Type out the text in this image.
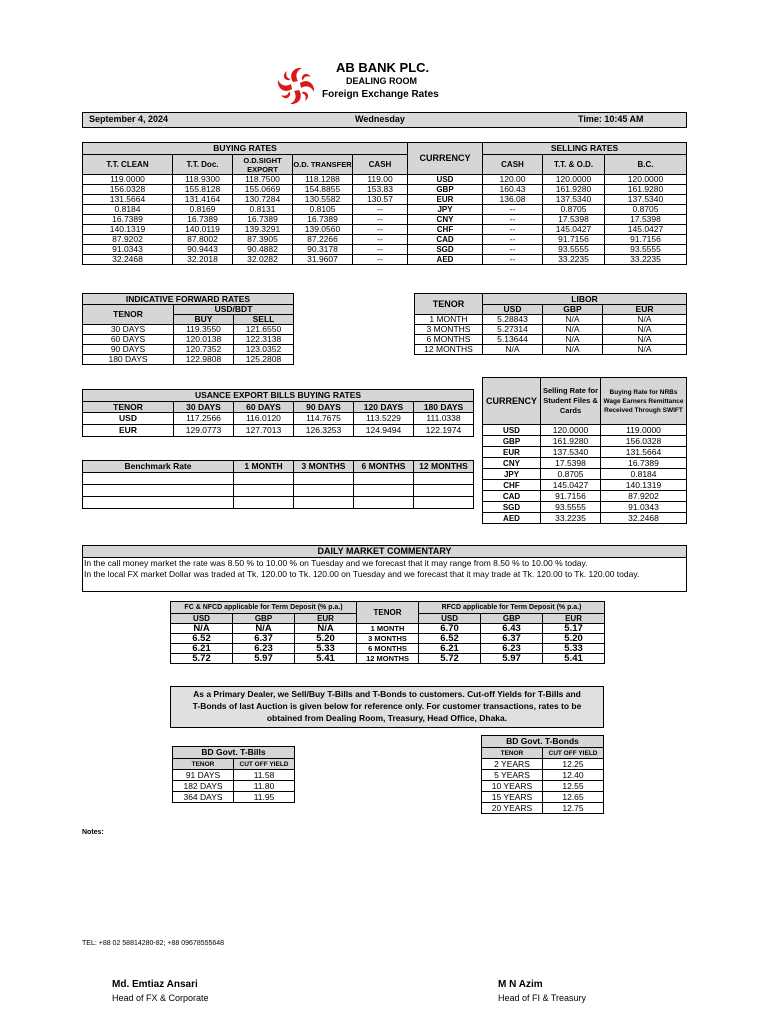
AB BANK PLC.
DEALING ROOM
Foreign Exchange Rates
September 4, 2024	Wednesday	Time: 10:45 AM
BUYING RATES					CURRENCY	SELLING RATES		
T.T. CLEAN	T.T. Doc.	O.D.SIGHT EXPORT	O.D. TRANSFER	CASH		CASH	T.T. & O.D.	B.C.

119.0000	118.9300	118.7500	118.1288	119.00	USD	120.00	120.0000	120.0000
156.0328	155.8128	155.0669	154.8855	153.83	GBP	160.43	161.9280	161.9280
131.5664	131.4164	130.7284	130.5582	130.57	EUR	136.08	137.5340	137.5340
0.8184	0.8169	0.8131	0.8105	--	JPY	--	0.8705	0.8705
16.7389	16.7389	16.7389	16.7389	--	CNY	--	17.5398	17.5398
140.1319	140.0119	139.3291	139.0560	--	CHF	--	145.0427	145.0427
87.9202	87.8002	87.3905	87.2266	--	CAD	--	91.7156	91.7156
91.0343	90.9443	90.4882	90.3178	--	SGD	--	93.5555	93.5555
32.2468	32.2018	32.0282	31.9607	--	AED	--	33.2235	33.2235
INDICATIVE FORWARD RATES		
TENOR	USD/BDT	
	BUY	SELL
30 DAYS	119.3550	121.6550
60 DAYS	120.0138	122.3138
90 DAYS	120.7352	123.0352
180 DAYS	122.9808	125.2808
TENOR	LIBOR		
	USD	GBP	EUR
1 MONTH	5.28843	N/A	N/A
3 MONTHS	5.27314	N/A	N/A
6 MONTHS	5.13644	N/A	N/A
12 MONTHS	N/A	N/A	N/A
USANCE EXPORT BILLS BUYING RATES					
TENOR	30 DAYS	60 DAYS	90 DAYS	120 DAYS	180 DAYS
USD	117.2566	116.0120	114.7675	113.5229	111.0338
EUR	129.0773	127.7013	126.3253	124.9494	122.1974
Benchmark Rate	1 MONTH	3 MONTHS	6 MONTHS	12 MONTHS

CURRENCY	Selling Rate for Student Files & Cards	Buying Rate for NRBs Wage Earners Remittance Received Through SWIFT
USD	120.0000	119.0000
GBP	161.9280	156.0328
EUR	137.5340	131.5664
CNY	17.5398	16.7389
JPY	0.8705	0.8184
CHF	145.0427	140.1319
CAD	91.7156	87.9202
SGD	93.5555	91.0343
AED	33.2235	32.2468
DAILY MARKET COMMENTARY
In the call money market the rate was 8.50 % to 10.00 % on Tuesday and we forecast that it may range from 8.50 % to 10.00 % today.
In the local FX market Dollar was traded at Tk. 120.00 to Tk. 120.00 on Tuesday and we forecast that it may trade at Tk. 120.00 to Tk. 120.00 today.
FC & NFCD applicable for Term Deposit (% p.a.)			TENOR	RFCD applicable for Term Deposit (% p.a.)		
USD	GBP	EUR		USD	GBP	EUR
N/A	N/A	N/A	1 MONTH	6.70	6.43	5.17
6.52	6.37	5.20	3 MONTHS	6.52	6.37	5.20
6.21	6.23	5.33	6 MONTHS	6.21	6.23	5.33
5.72	5.97	5.41	12 MONTHS	5.72	5.97	5.41
As a Primary Dealer, we Sell/Buy T-Bills and T-Bonds to customers. Cut-off Yields for T-Bills and
T-Bonds of last Auction is given below for reference only. For customer transactions, rates to be
obtained from Dealing Room, Treasury, Head Office, Dhaka.
BD Govt. T-Bills	
TENOR	CUT OFF YIELD
91 DAYS	11.58
182 DAYS	11.80
364 DAYS	11.95
BD Govt. T-Bonds	
TENOR	CUT OFF YIELD
2 YEARS	12.25
5 YEARS	12.40
10 YEARS	12.55
15 YEARS	12.65
20 YEARS	12.75
Notes:
TEL: +88 02 58814280-82; +88 09678555648
Md. Emtiaz Ansari
Head of FX & Corporate
M N Azim
Head of FI & Treasury
